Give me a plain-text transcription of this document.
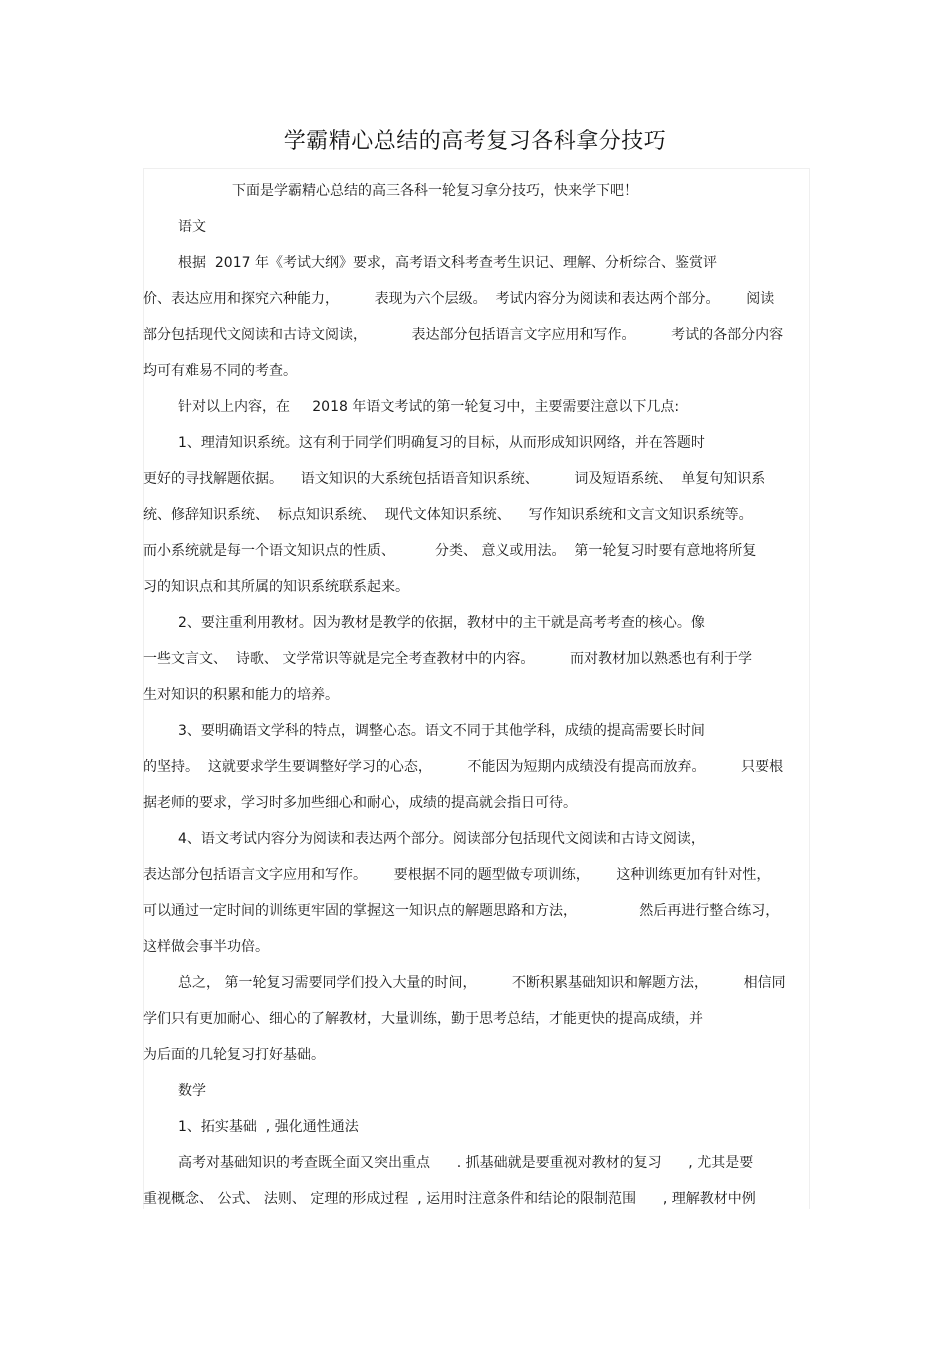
学霸精心总结的高考复习各科拿分技巧
下面是学霸精心总结的高三各科一轮复习拿分技巧，快来学下吧！
语文
根据  2017 年《考试大纲》要求，高考语文科考查考生识记、理解、分析综合、鉴赏评
价、表达应用和探究六种能力，        表现为六个层级。  考试内容分为阅读和表达两个部分。      阅读
部分包括现代文阅读和古诗文阅读，          表达部分包括语言文字应用和写作。        考试的各部分内容
均可有难易不同的考查。
针对以上内容，在     2018 年语文考试的第一轮复习中，主要需要注意以下几点:
1、理清知识系统。这有利于同学们明确复习的目标，从而形成知识网络，并在答题时
更好的寻找解题依据。    语文知识的大系统包括语音知识系统、        词及短语系统、  单复句知识系
统、修辞知识系统、  标点知识系统、  现代文体知识系统、    写作知识系统和文言文知识系统等。
而小系统就是每一个语文知识点的性质、         分类、 意义或用法。  第一轮复习时要有意地将所复
习的知识点和其所属的知识系统联系起来。
2、要注重利用教材。因为教材是教学的依据，教材中的主干就是高考考查的核心。像
一些文言文、  诗歌、 文学常识等就是完全考查教材中的内容。        而对教材加以熟悉也有利于学
生对知识的积累和能力的培养。
3、要明确语文学科的特点，调整心态。语文不同于其他学科，成绩的提高需要长时间
的坚持。  这就要求学生要调整好学习的心态，        不能因为短期内成绩没有提高而放弃。        只要根
据老师的要求，学习时多加些细心和耐心，成绩的提高就会指日可待。
4、语文考试内容分为阅读和表达两个部分。阅读部分包括现代文阅读和古诗文阅读，
表达部分包括语言文字应用和写作。      要根据不同的题型做专项训练，      这种训练更加有针对性，
可以通过一定时间的训练更牢固的掌握这一知识点的解题思路和方法，              然后再进行整合练习，
这样做会事半功倍。
总之， 第一轮复习需要同学们投入大量的时间，        不断积累基础知识和解题方法，        相信同
学们只有更加耐心、细心的了解教材，大量训练，勤于思考总结，才能更快的提高成绩，并
为后面的几轮复习打好基础。
数学
1、拓实基础  , 强化通性通法
高考对基础知识的考查既全面又突出重点      . 抓基础就是要重视对教材的复习      , 尤其是要
重视概念、 公式、 法则、 定理的形成过程  , 运用时注意条件和结论的限制范围      , 理解教材中例
